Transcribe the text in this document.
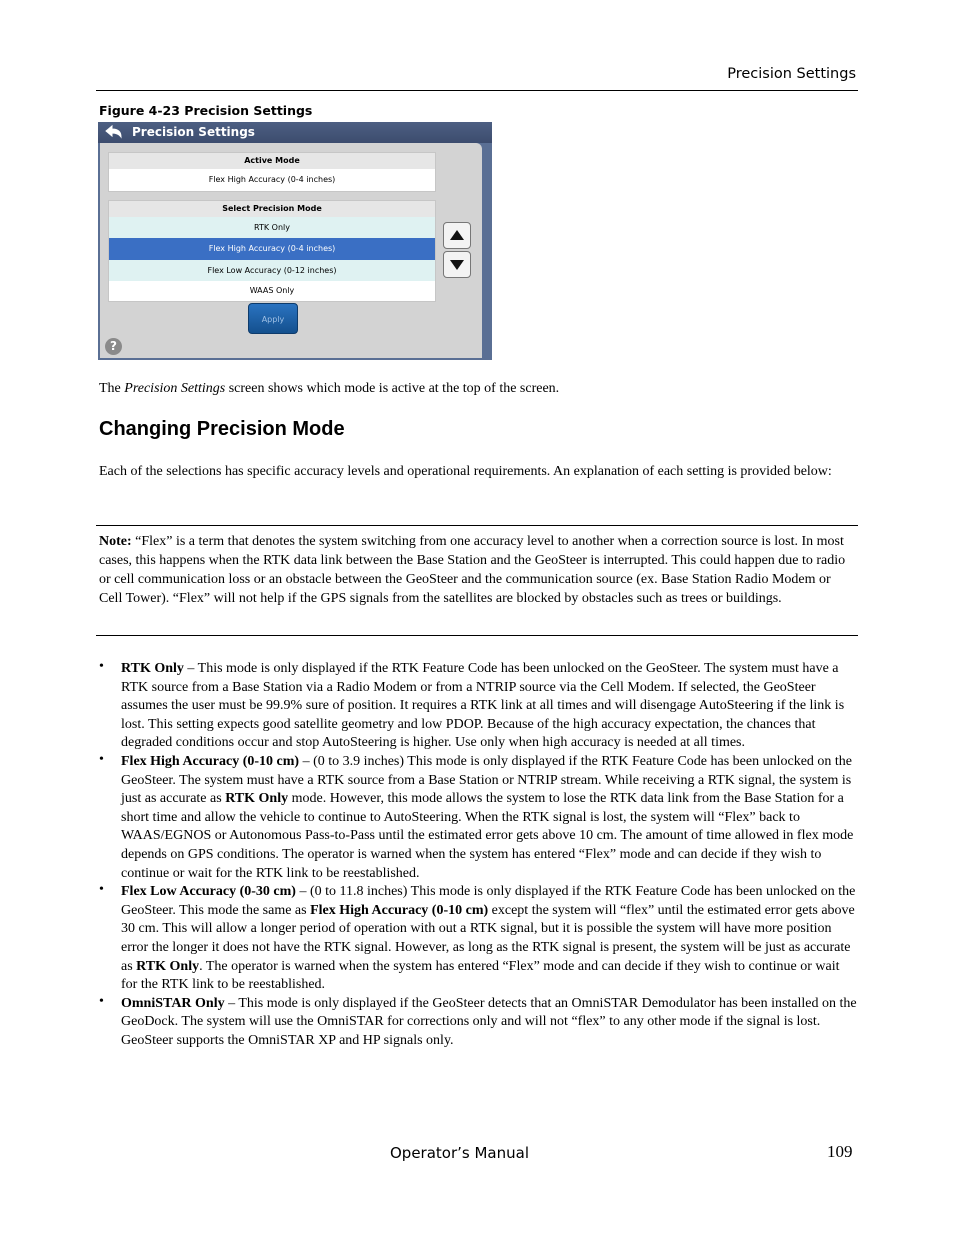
Precision Settings
Figure 4-23 Precision Settings
Precision Settings
Active Mode
Flex High Accuracy (0-4 inches)
Select Precision Mode
RTK Only
Flex High Accuracy (0-4 inches)
Flex Low Accuracy (0-12 inches)
WAAS Only
Apply
?
The Precision Settings screen shows which mode is active at the top of the screen.
Changing Precision Mode
Each of the selections has specific accuracy levels and operational requirements. An explanation of each setting is provided below:
Note: “Flex” is a term that denotes the system switching from one accuracy level to another when a correction source is lost. In most cases, this happens when the RTK data link between the Base Station and the GeoSteer is interrupted. This could happen due to radio or cell communication loss or an obstacle between the GeoSteer and the communication source (ex. Base Station Radio Modem or Cell Tower). “Flex” will not help if the GPS signals from the satellites are blocked by obstacles such as trees or buildings.
• RTK Only – This mode is only displayed if the RTK Feature Code has been unlocked on the GeoSteer. The system must have a RTK source from a Base Station via a Radio Modem or from a NTRIP source via the Cell Modem. If selected, the GeoSteer assumes the user must be 99.9% sure of position. It requires a RTK link at all times and will disengage AutoSteering if the link is lost. This setting expects good satellite geometry and low PDOP. Because of the high accuracy expectation, the chances that degraded conditions occur and stop AutoSteering is higher. Use only when high accuracy is needed at all times.
• Flex High Accuracy (0-10 cm) – (0 to 3.9 inches) This mode is only displayed if the RTK Feature Code has been unlocked on the GeoSteer. The system must have a RTK source from a Base Station or NTRIP stream. While receiving a RTK signal, the system is just as accurate as RTK Only mode. However, this mode allows the system to lose the RTK data link from the Base Station for a short time and allow the vehicle to continue to AutoSteering. When the RTK signal is lost, the system will “Flex” back to WAAS/EGNOS or Autonomous Pass-to-Pass until the estimated error gets above 10 cm. The amount of time allowed in flex mode depends on GPS conditions. The operator is warned when the system has entered “Flex” mode and can decide if they wish to continue or wait for the RTK link to be reestablished.
• Flex Low Accuracy (0-30 cm) – (0 to 11.8 inches) This mode is only displayed if the RTK Feature Code has been unlocked on the GeoSteer. This mode the same as Flex High Accuracy (0-10 cm) except the system will “flex” until the estimated error gets above 30 cm. This will allow a longer period of operation with out a RTK signal, but it is possible the system will have more position error the longer it does not have the RTK signal. However, as long as the RTK signal is present, the system will be just as accurate as RTK Only. The operator is warned when the system has entered “Flex” mode and can decide if they wish to continue or wait for the RTK link to be reestablished.
• OmniSTAR Only – This mode is only displayed if the GeoSteer detects that an OmniSTAR Demodulator has been installed on the GeoDock. The system will use the OmniSTAR for corrections only and will not “flex” to any other mode if the signal is lost. GeoSteer supports the OmniSTAR XP and HP signals only.
Operator’s Manual	109
